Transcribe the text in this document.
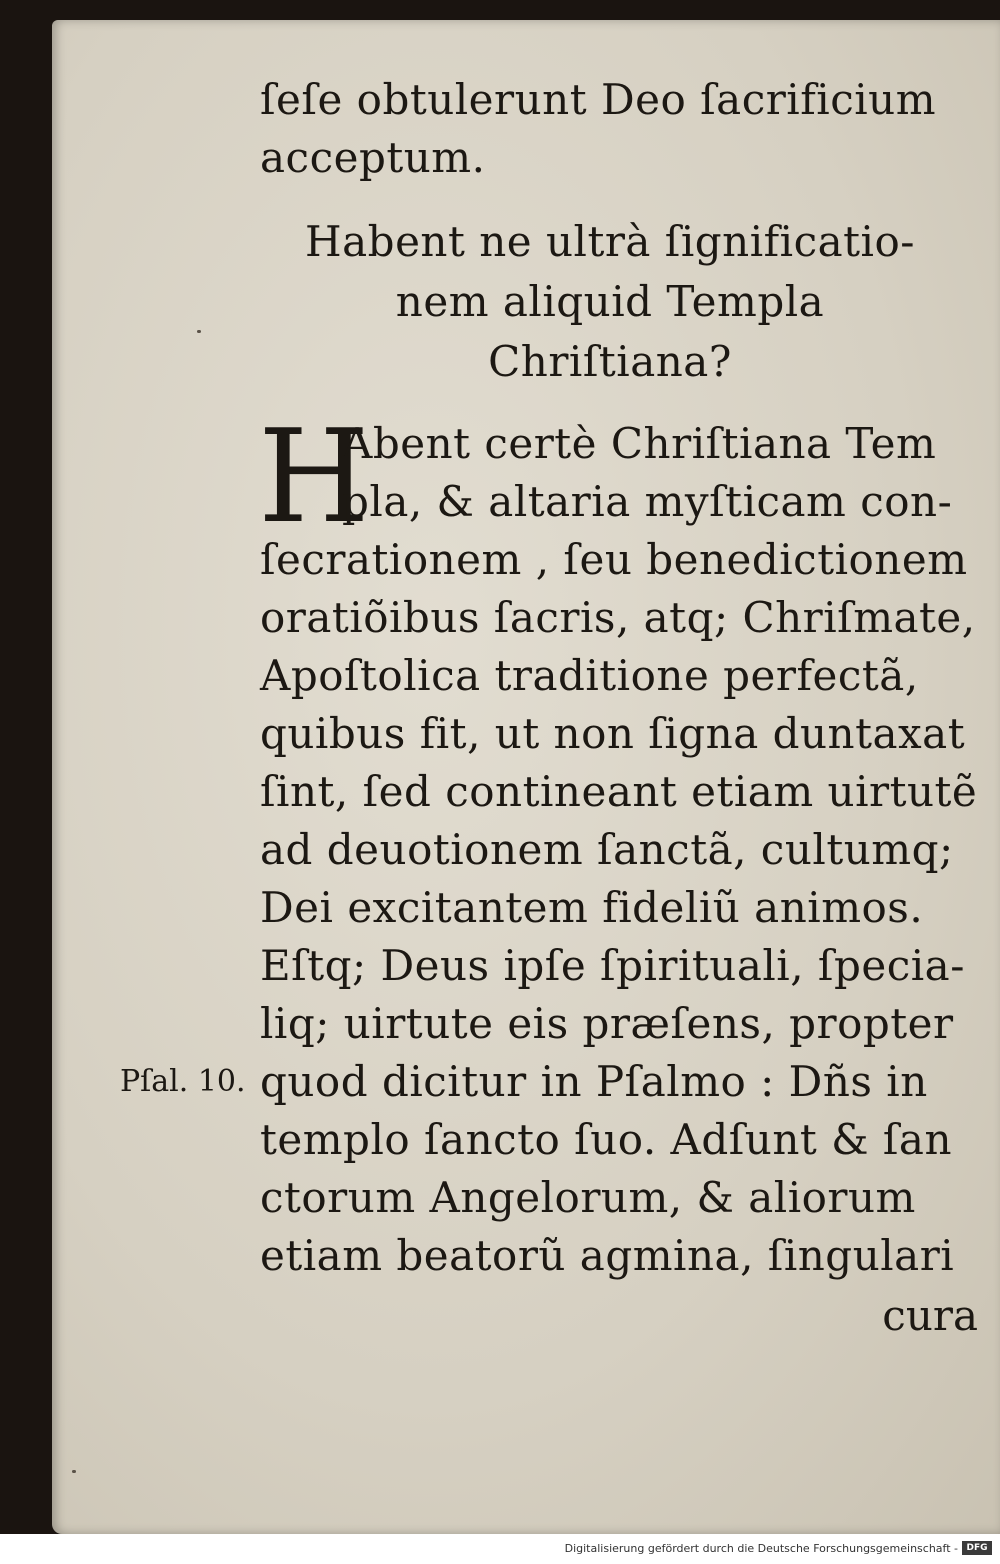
ſeſe obtulerunt Deo ſacrificium
acceptum.
Habent ne ultrà ſignificatio-
nem aliquid Templa
Chriſtiana?
H
Abent certè Chriſtiana Tem
pla, & altaria myſticam con-
ſecrationem , ſeu benedictionem
oratiõibus ſacris, atq; Chriſmate,
Apoſtolica traditione perfectã,
quibus fit, ut non ſigna duntaxat
ſint, ſed contineant etiam uirtutẽ
ad deuotionem ſanctã, cultumq;
Dei excitantem fideliũ animos.
Eſtq; Deus ipſe ſpirituali, ſpecia-
liq; uirtute eis præſens, propter
quod dicitur in Pſalmo : Dñs in
templo ſancto ſuo. Adſunt & ſan
ctorum Angelorum, & aliorum
etiam beatorũ agmina, ſingulari
Pſal. 10.
cura
Digitalisierung gefördert durch die Deutsche Forschungsgemeinschaft - DFG
